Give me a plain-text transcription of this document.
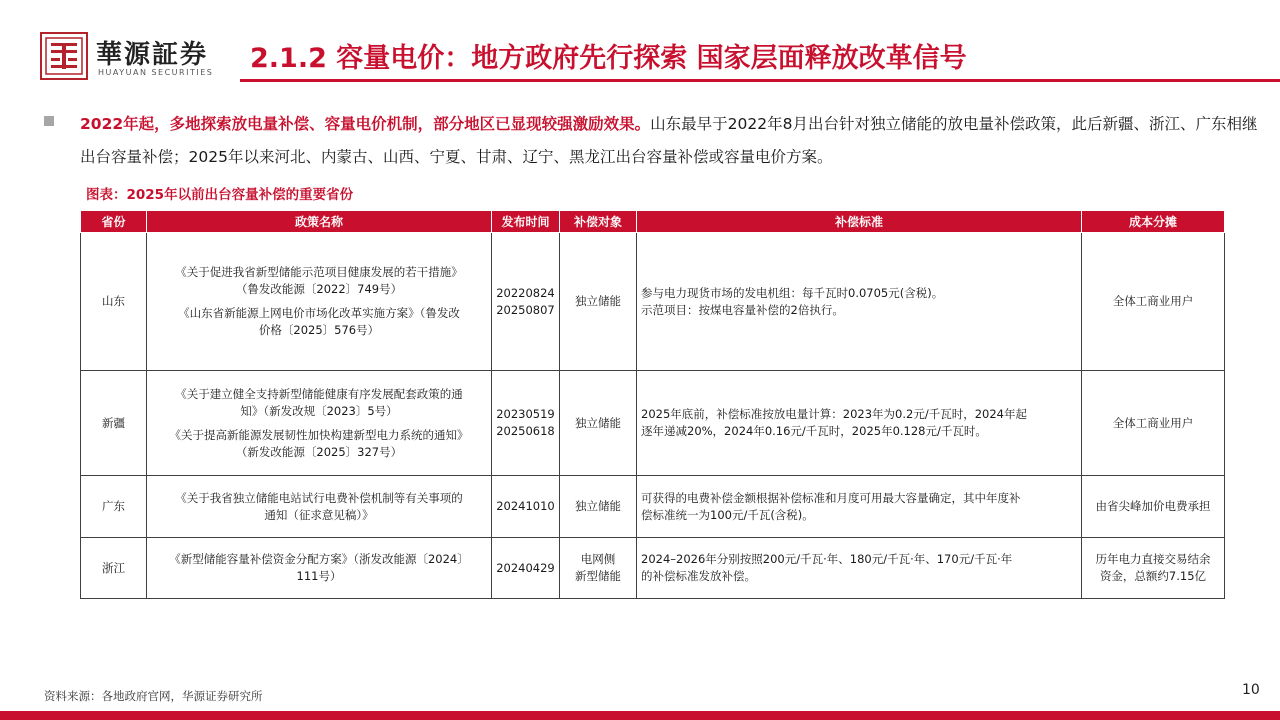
華源証券
HUAYUAN SECURITIES 2.1.2 容量电价：地方政府先行探索 国家层面释放改革信号

2022年起，多地探索放电量补偿、容量电价机制，部分地区已显现较强激励效果。山东最早于2022年8月出台针对独立储能的放电量补偿政策，此后新疆、浙江、广东相继出台容量补偿；2025年以来河北、内蒙古、山西、宁夏、甘肃、辽宁、黑龙江出台容量补偿或容量电价方案。

图表：2025年以前出台容量补偿的重要省份
省份	政策名称	发布时间	补偿对象	补偿标准	成本分摊
山东	《关于促进我省新型储能示范项目健康发展的若干措施》
（鲁发改能源〔2022〕749号）
《山东省新能源上网电价市场化改革实施方案》（鲁发改
价格〔2025〕576号）	20220824
20250807	独立储能	参与电力现货市场的发电机组：每千瓦时0.0705元(含税)。
示范项目：按煤电容量补偿的2倍执行。	全体工商业用户

新疆	《关于建立健全支持新型储能健康有序发展配套政策的通
知》（新发改规〔2023〕5号）
《关于提高新能源发展韧性加快构建新型电力系统的通知》
（新发改能源〔2025〕327号）	20230519
20250618	独立储能	2025年底前，补偿标准按放电量计算：2023年为0.2元/千瓦时，2024年起
逐年递减20%，2024年0.16元/千瓦时，2025年0.128元/千瓦时。	全体工商业用户

广东	《关于我省独立储能电站试行电费补偿机制等有关事项的
通知（征求意见稿）》	20241010	独立储能	可获得的电费补偿金额根据补偿标准和月度可用最大容量确定，其中年度补
偿标准统一为100元/千瓦(含税)。	由省尖峰加价电费承担

浙江	《新型储能容量补偿资金分配方案》（浙发改能源〔2024〕
111号）	20240429	电网侧
新型储能	2024–2026年分别按照200元/千瓦·年、180元/千瓦·年、170元/千瓦·年
的补偿标准发放补偿。	历年电力直接交易结余
资金，总额约7.15亿
资料来源：各地政府官网，华源证券研究所	10
